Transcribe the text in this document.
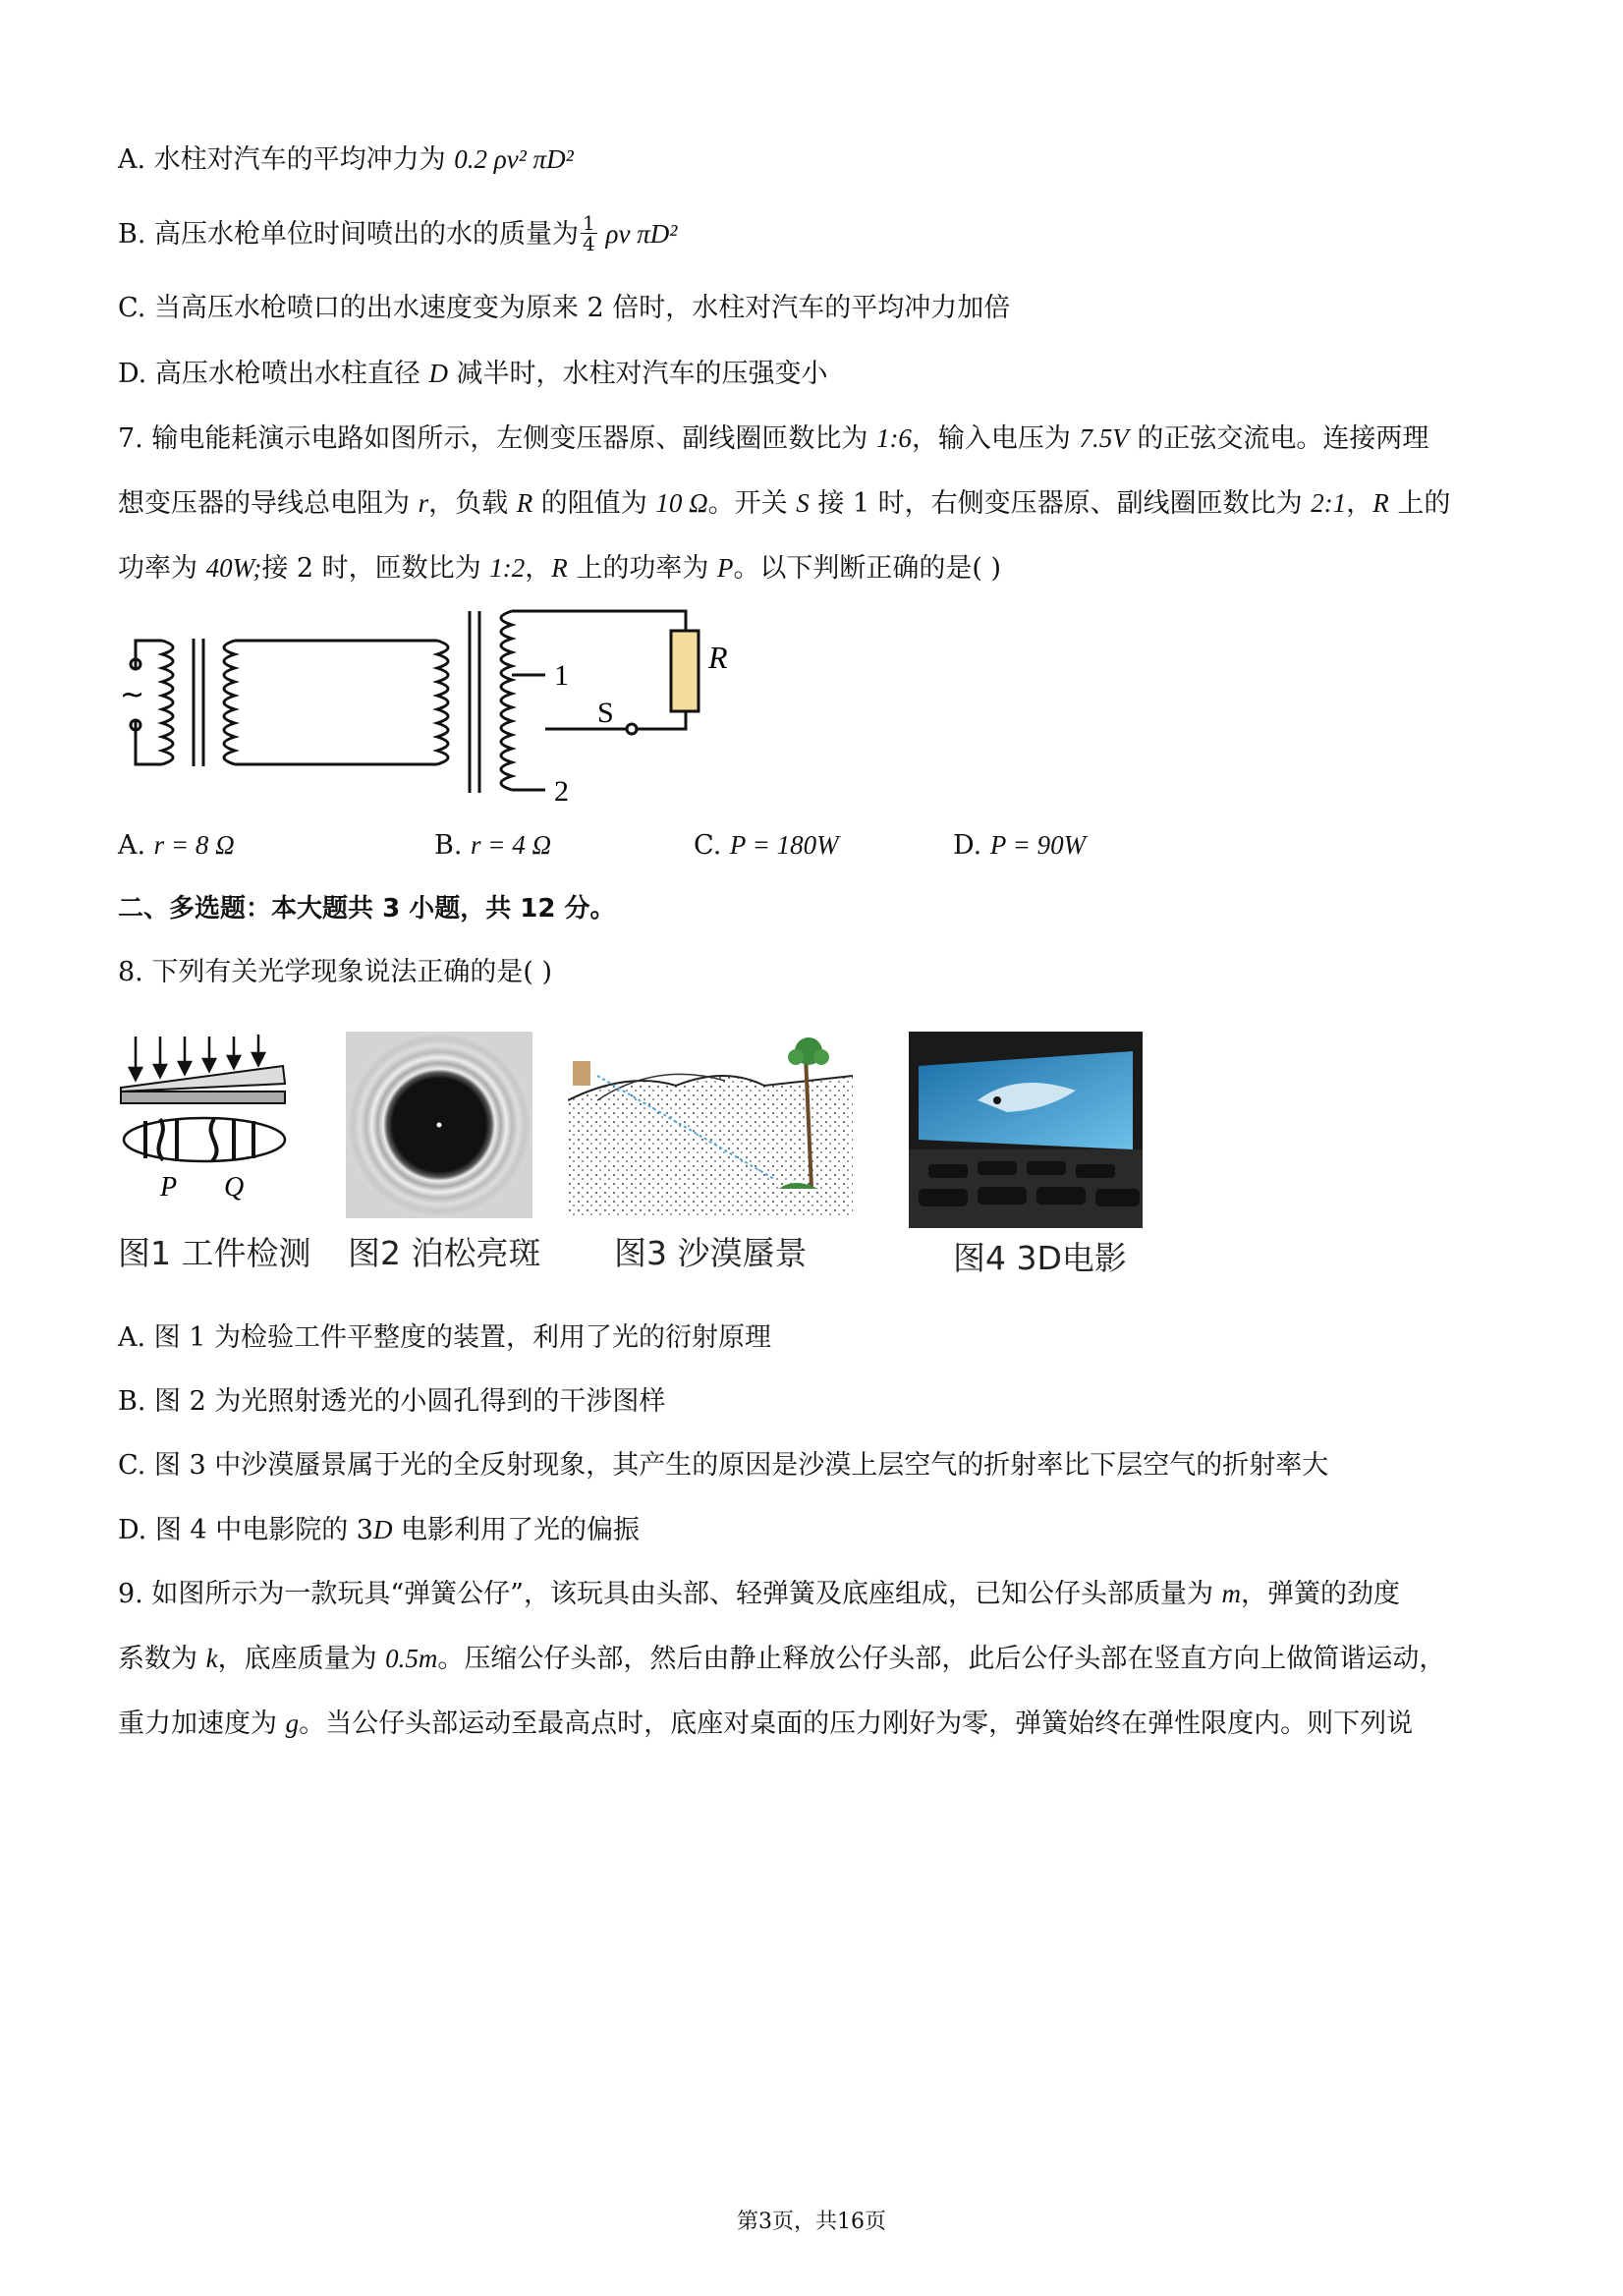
A. 水柱对汽车的平均冲力为 0.2 ρv² πD²
B. 高压水枪单位时间喷出的水的质量为 $\frac{1}{4}$ ρv πD²
C. 当高压水枪喷口的出水速度变为原来 2 倍时，水柱对汽车的平均冲力加倍
D. 高压水枪喷出水柱直径 D 减半时，水柱对汽车的压强变小
7. 输电能耗演示电路如图所示，左侧变压器原、副线圈匝数比为 1:6，输入电压为 7.5V 的正弦交流电。连接两理
想变压器的导线总电阻为 r，负载 R 的阻值为 10 Ω。开关 S 接 1 时，右侧变压器原、副线圈匝数比为 2:1，R 上的
功率为 40W;接 2 时，匝数比为 1:2，R 上的功率为 P。以下判断正确的是( )
1
2
S
R
~
A. r = 8 Ω	B. r = 4 Ω	C. P = 180W	D. P = 90W
二、多选题：本大题共 3 小题，共 12 分。
8. 下列有关光学现象说法正确的是( )
P Q
图1 工件检测 图2 泊松亮斑 图3 沙漠蜃景	图4 3D电影
A. 图 1 为检验工件平整度的装置，利用了光的衍射原理
B. 图 2 为光照射透光的小圆孔得到的干涉图样
C. 图 3 中沙漠蜃景属于光的全反射现象，其产生的原因是沙漠上层空气的折射率比下层空气的折射率大
D. 图 4 中电影院的 3D 电影利用了光的偏振
9. 如图所示为一款玩具“弹簧公仔”，该玩具由头部、轻弹簧及底座组成，已知公仔头部质量为 m，弹簧的劲度
系数为 k，底座质量为 0.5m。压缩公仔头部，然后由静止释放公仔头部，此后公仔头部在竖直方向上做简谐运动，
重力加速度为 g。当公仔头部运动至最高点时，底座对桌面的压力刚好为零，弹簧始终在弹性限度内。则下列说
第3页，共16页
